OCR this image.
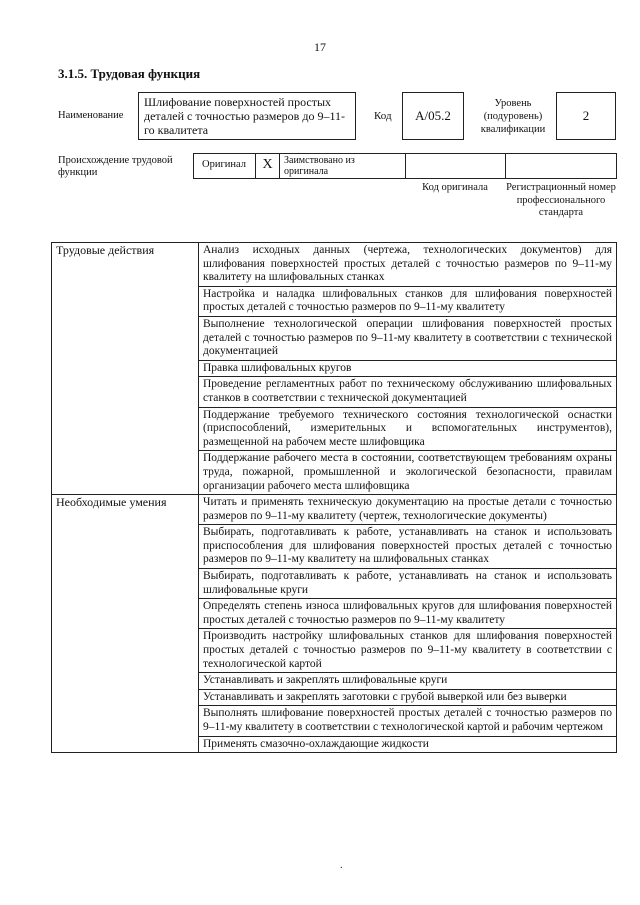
17
3.1.5. Трудовая функция
Наименование
Шлифование поверхностей простых деталей с точностью размеров до 9–11-го квалитета
Код	А/05.2
Уровень (подуровень) квалификации
2
Происхождение трудовой функции
Оригинал	X	Заимствовано из оригинала
Код оригинала	Регистрационный номер профессионального стандарта
Трудовые действия	Анализ исходных данных (чертежа, технологических документов) для шлифования поверхностей простых деталей с точностью размеров по 9–11-му квалитету на шлифовальных станках
	Настройка и наладка шлифовальных станков для шлифования поверхностей простых деталей с точностью размеров по 9–11-му квалитету
	Выполнение технологической операции шлифования поверхностей простых деталей с точностью размеров по 9–11-му квалитету в соответствии с технической документацией
	Правка шлифовальных кругов
	Проведение регламентных работ по техническому обслуживанию шлифовальных станков в соответствии с технической документацией
	Поддержание требуемого технического состояния технологической оснастки (приспособлений, измерительных и вспомогательных инструментов), размещенной на рабочем месте шлифовщика
	Поддержание рабочего места в состоянии, соответствующем требованиям охраны труда, пожарной, промышленной и экологической безопасности, правилам организации рабочего места шлифовщика
Необходимые умения	Читать и применять техническую документацию на простые детали с точностью размеров по 9–11-му квалитету (чертеж, технологические документы)
	Выбирать, подготавливать к работе, устанавливать на станок и использовать приспособления для шлифования поверхностей простых деталей с точностью размеров по 9–11-му квалитету на шлифовальных станках
	Выбирать, подготавливать к работе, устанавливать на станок и использовать шлифовальные круги
	Определять степень износа шлифовальных кругов для шлифования поверхностей простых деталей с точностью размеров по 9–11-му квалитету
	Производить настройку шлифовальных станков для шлифования поверхностей простых деталей с точностью размеров по 9–11-му квалитету в соответствии с технологической картой
	Устанавливать и закреплять шлифовальные круги
	Устанавливать и закреплять заготовки с грубой выверкой или без выверки
	Выполнять шлифование поверхностей простых деталей с точностью размеров по 9–11-му квалитету в соответствии с технологической картой и рабочим чертежом
	Применять смазочно-охлаждающие жидкости
.
